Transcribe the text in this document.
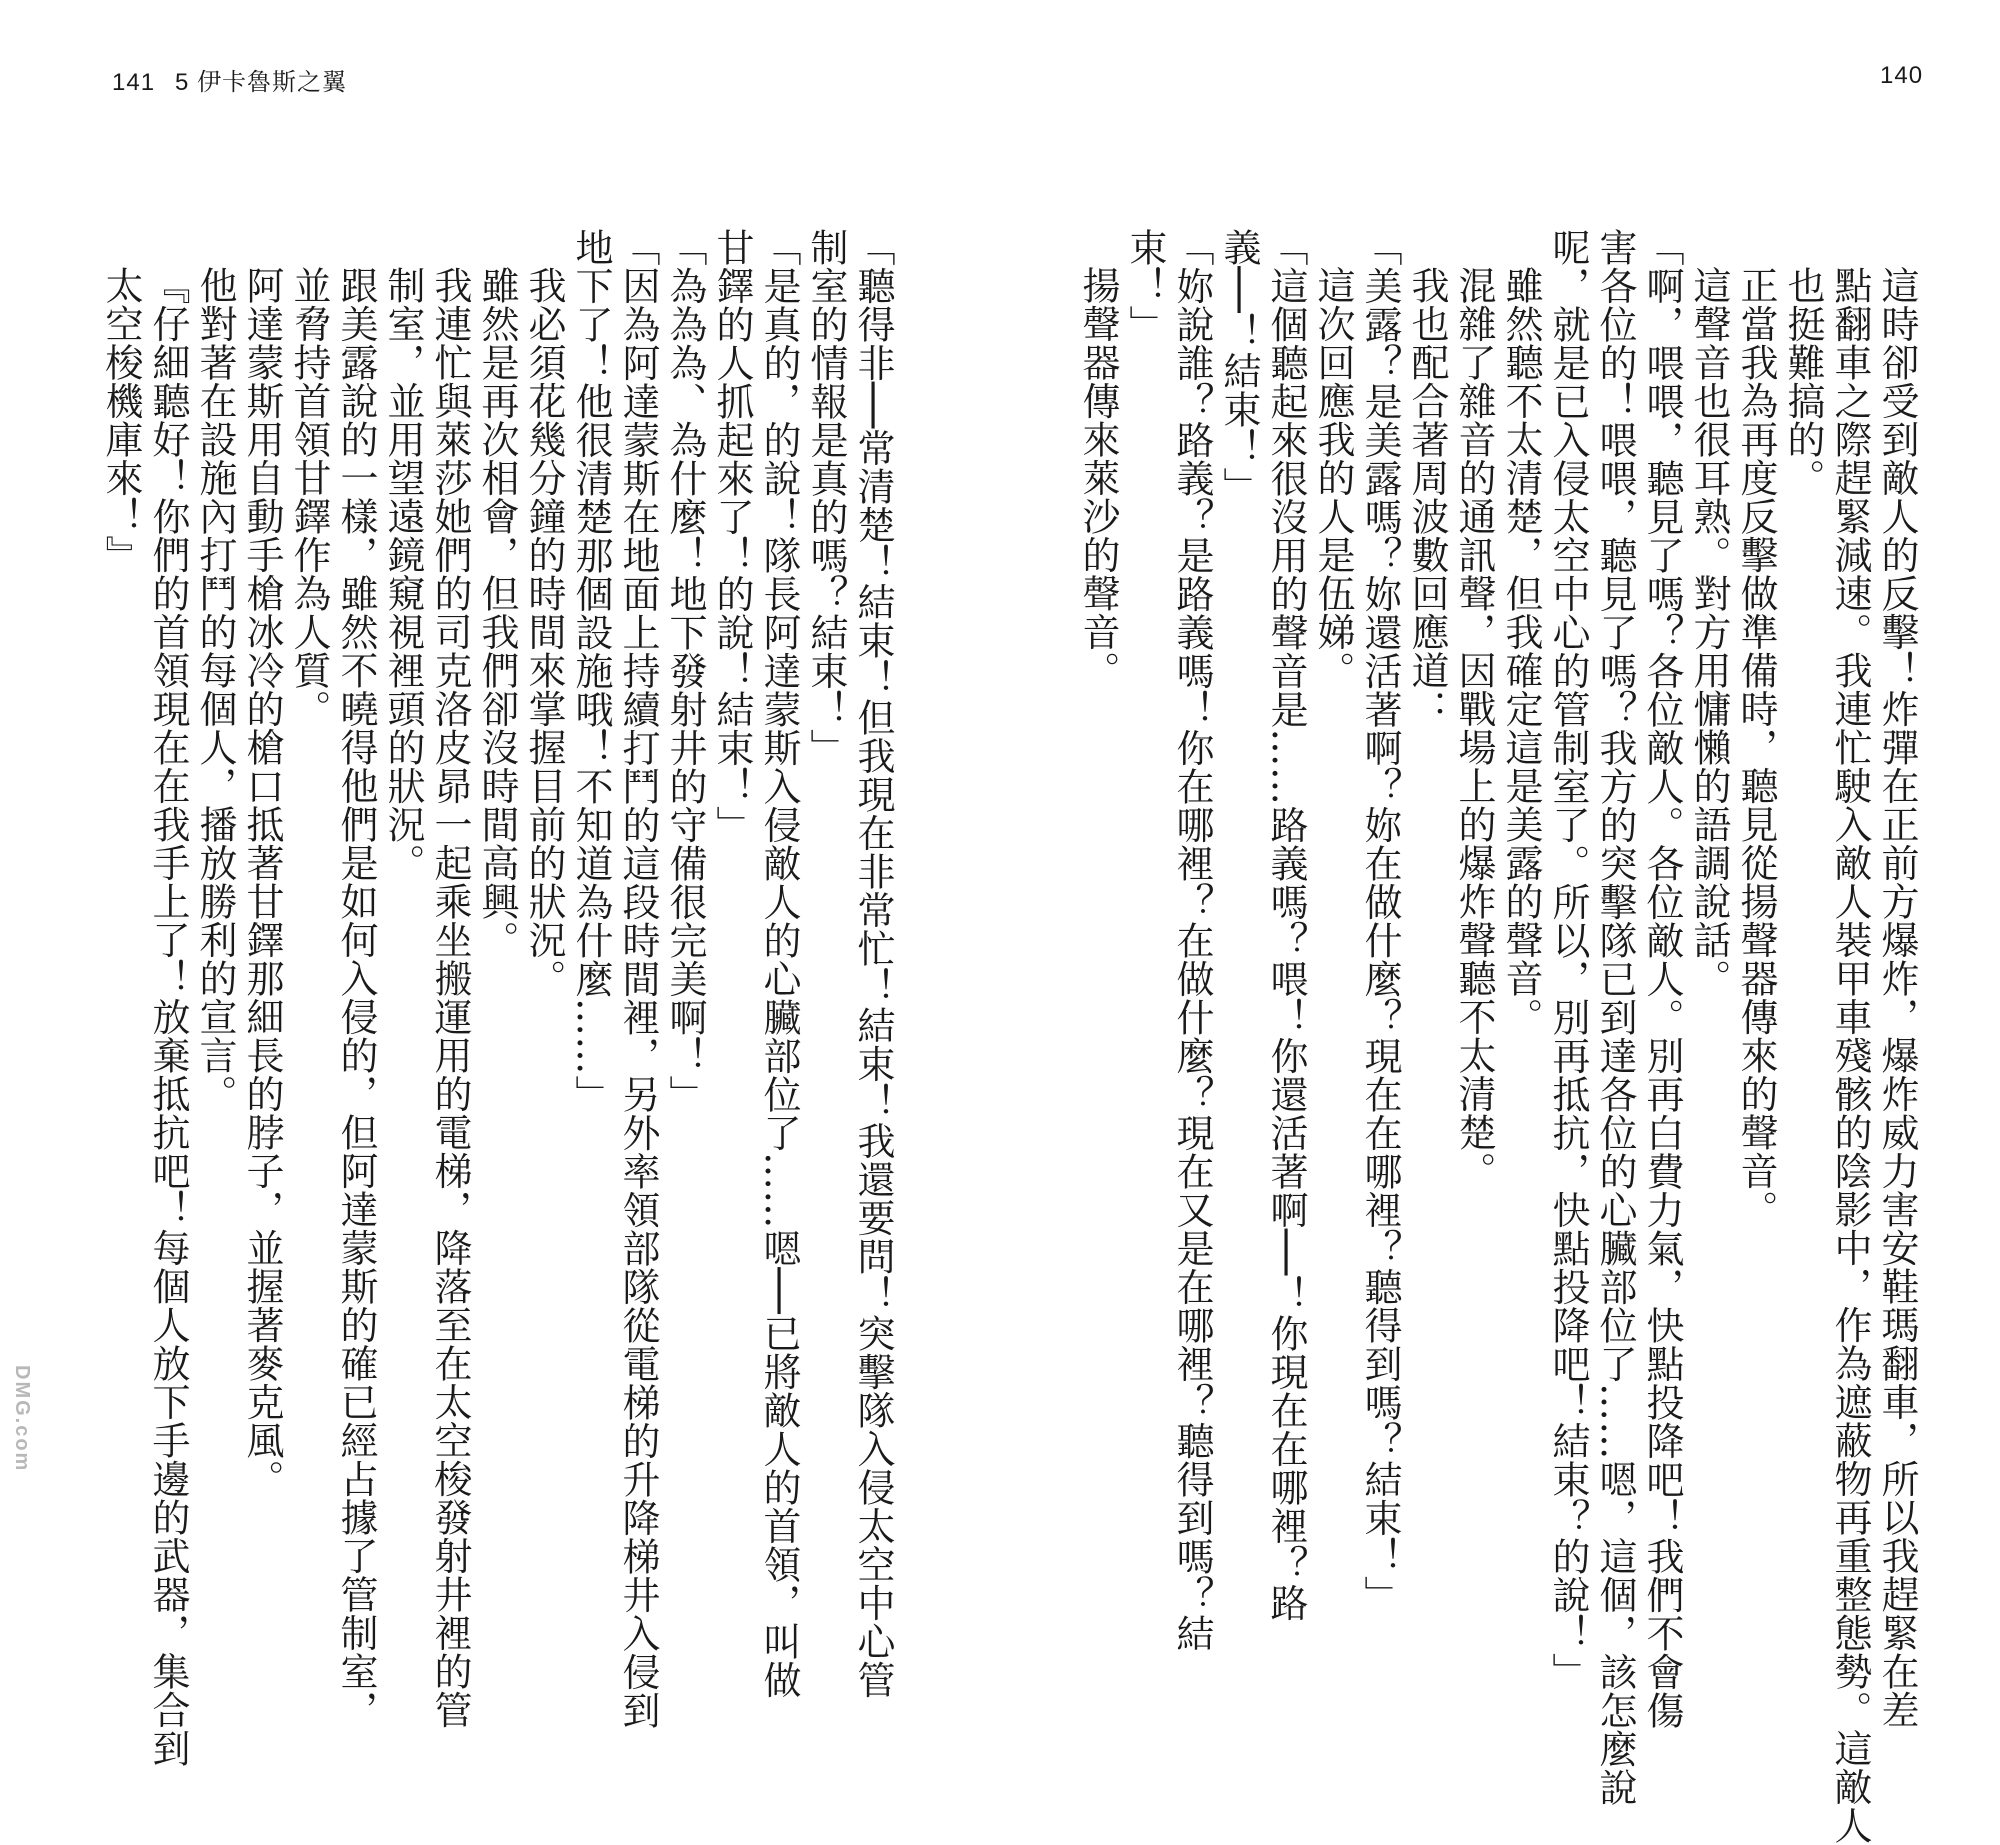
141 5 伊卡魯斯之翼	140

這時卻受到敵人的反擊！炸彈在正前方爆炸，爆炸威力害安鞋瑪翻車，所以我趕緊在差
點翻車之際趕緊減速。我連忙駛入敵人裝甲車殘骸的陰影中，作為遮蔽物再重整態勢。這敵人
也挺難搞的。

正當我為再度反擊做準備時，聽見從揚聲器傳來的聲音。

這聲音也很耳熟。對方用慵懶的語調說話。

「啊，喂喂，聽見了嗎？各位敵人。各位敵人。別再白費力氣，快點投降吧！我們不會傷
害各位的！喂喂，聽見了嗎？我方的突擊隊已到達各位的心臟部位了……嗯，這個，該怎麼說
呢，就是已入侵太空中心的管制室了。所以，別再抵抗，快點投降吧！結束？的說！」

雖然聽不太清楚，但我確定這是美露的聲音。

混雜了雜音的通訊聲，因戰場上的爆炸聲聽不太清楚。

我也配合著周波數回應道：

「美露？是美露嗎？妳還活著啊？妳在做什麼？現在在哪裡？聽得到嗎？結束！」

這次回應我的人是伍娣。

「這個聽起來很沒用的聲音是……路義嗎？喂！你還活著啊──！你現在在哪裡？路
義──！結束！」

「妳說誰？路義？是路義嗎！你在哪裡？在做什麼？現在又是在哪裡？聽得到嗎？結
束！」

揚聲器傳來萊沙的聲音。

「聽得非──常清楚！結束！但我現在非常忙！結束！我還要問！突擊隊入侵太空中心管
制室的情報是真的嗎？結束！」

「是真的，的說！隊長阿達蒙斯入侵敵人的心臟部位了……嗯──已將敵人的首領，叫做
甘鐸的人抓起來了！的說！結束！」

「為為為、為什麼！地下發射井的守備很完美啊！」

「因為阿達蒙斯在地面上持續打鬥的這段時間裡，另外率領部隊從電梯的升降梯井入侵到
地下了！他很清楚那個設施哦！不知道為什麼……」

我必須花幾分鐘的時間來掌握目前的狀況。

雖然是再次相會，但我們卻沒時間高興。

我連忙與萊莎她們的司克洛皮昴一起乘坐搬運用的電梯，降落至在太空梭發射井裡的管
制室，並用望遠鏡窺視裡頭的狀況。

跟美露說的一樣，雖然不曉得他們是如何入侵的，但阿達蒙斯的確已經占據了管制室，
並脅持首領甘鐸作為人質。

阿達蒙斯用自動手槍冰冷的槍口抵著甘鐸那細長的脖子，並握著麥克風。

他對著在設施內打鬥的每個人，播放勝利的宣言。

『仔細聽好！你們的首領現在在我手上了！放棄抵抗吧！每個人放下手邊的武器，集合到
太空梭機庫來！』

DMG.com
